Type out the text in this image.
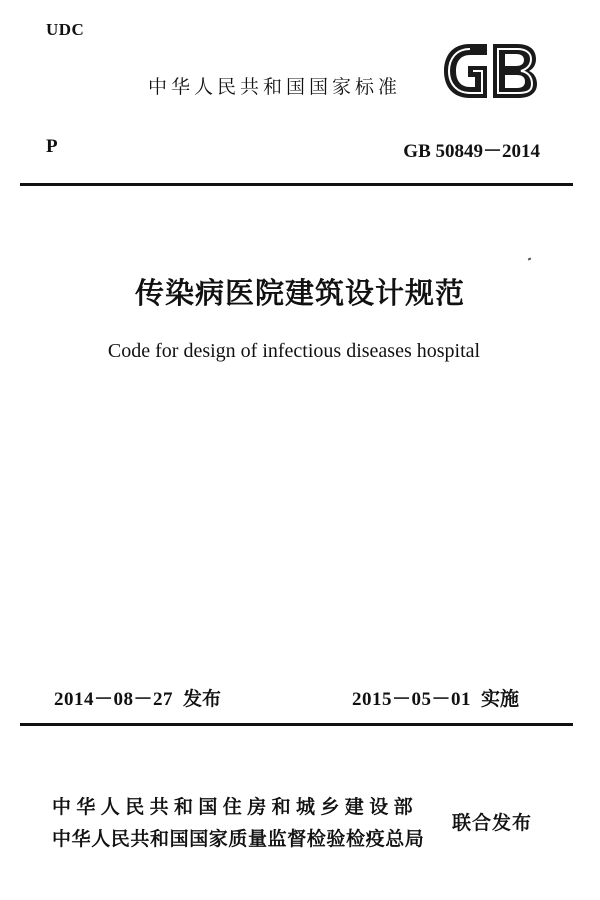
UDC
中华人民共和国国家标准
P	GB 50849－2014
传染病医院建筑设计规范
Code for design of infectious diseases hospital
2014－08－27 发布	2015－05－01 实施
中华人民共和国住房和城乡建设部
中华人民共和国国家质量监督检验检疫总局
联合发布
